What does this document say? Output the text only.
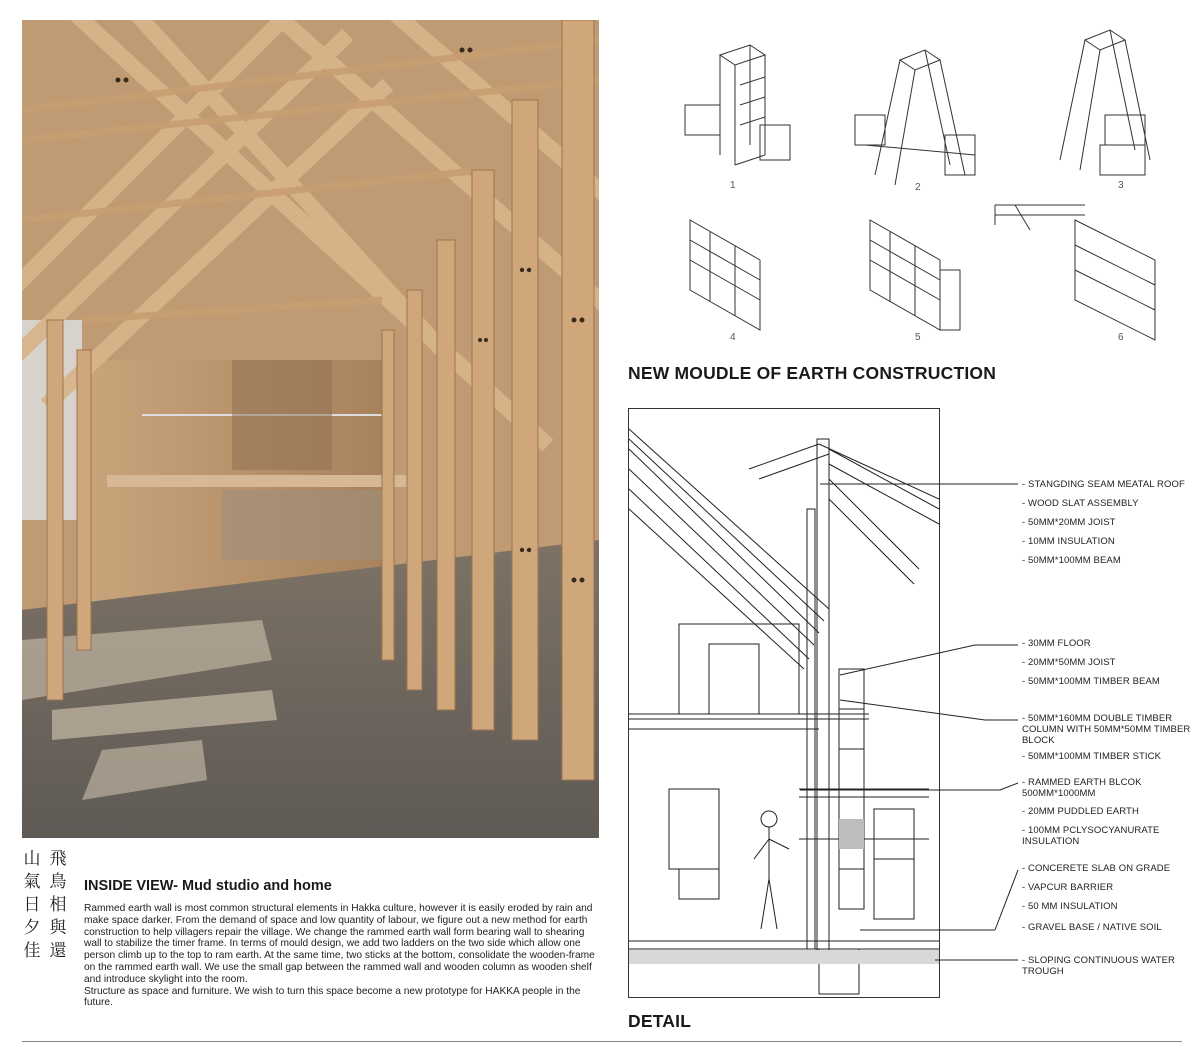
飛
鳥
相
與
還
山
氣
日
夕
佳
INSIDE VIEW- Mud studio and home
Rammed earth wall is most common structural elements in Hakka culture, however it is easily eroded by rain and make space darker. From the demand of space and low quantity of labour, we figure out a new method for earth construction to help villagers repair the village. We change the rammed earth wall form bearing wall to shearing wall to stabilize the timer frame. In terms of mould design, we add two ladders on the two side which allow one person climb up to the top to ram earth. At the same time, two sticks at the bottom, consolidate the wooden-frame on the rammed earth wall. We use the small gap between the rammed wall and wooden column as wooden shelf and introduce skylight into the room.
Structure as space and furniture. We wish to turn this space become a new prototype for HAKKA people in the future.
1	2	3
4	5	6
NEW MOUDLE OF EARTH CONSTRUCTION
- STANGDING SEAM MEATAL ROOF
- WOOD SLAT ASSEMBLY
- 50MM*20MM JOIST
- 10MM INSULATION
- 50MM*100MM BEAM
- 30MM FLOOR
- 20MM*50MM JOIST
- 50MM*100MM TIMBER BEAM
- 50MM*160MM DOUBLE TIMBER COLUMN WITH 50MM*50MM TIMBER BLOCK
- 50MM*100MM TIMBER STICK
- RAMMED EARTH BLCOK 500MM*1000MM
- 20MM PUDDLED EARTH
- 100MM PCLYSOCYANURATE INSULATION
- CONCERETE SLAB ON GRADE
- VAPCUR BARRIER
- 50 MM INSULATION
- GRAVEL BASE / NATIVE SOIL
- SLOPING CONTINUOUS WATER TROUGH
DETAIL
